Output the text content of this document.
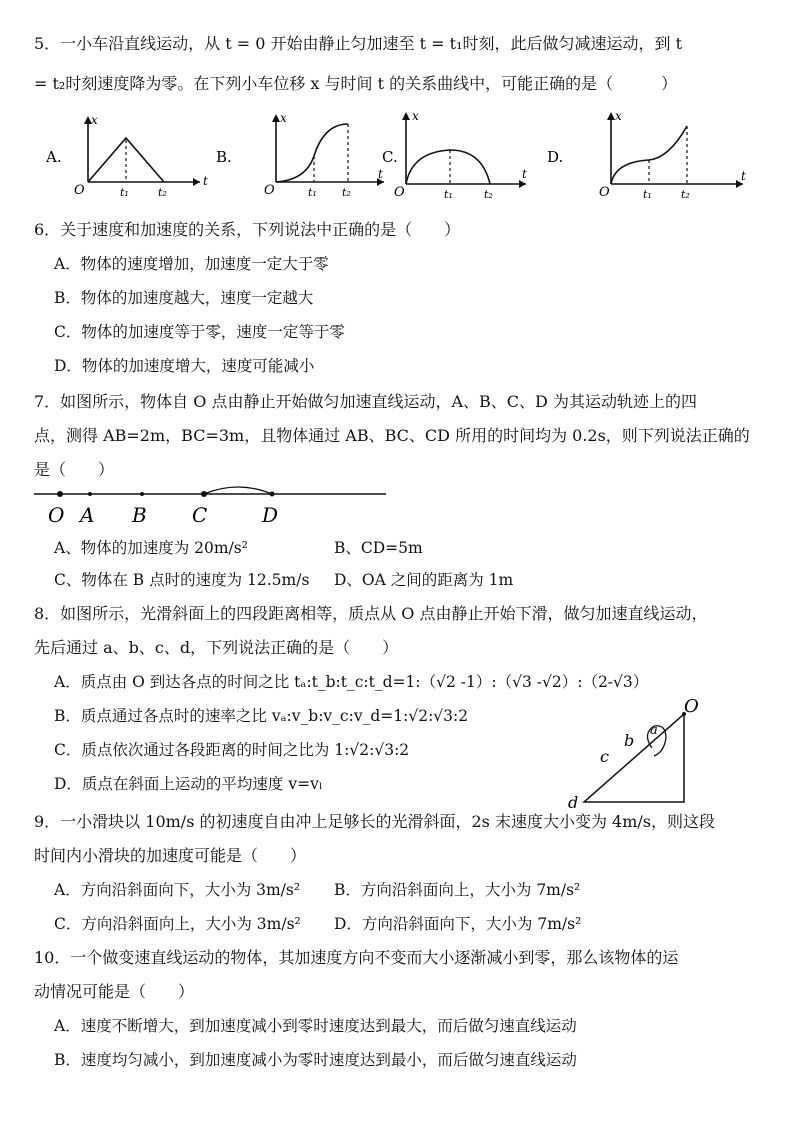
5．一小车沿直线运动，从 t = 0 开始由静止匀加速至 t = t₁时刻，此后做匀减速运动，到 t
= t₂时刻速度降为零。在下列小车位移 x 与时间 t 的关系曲线中，可能正确的是（　　　）
A.
x
t
O	t₁	t₂
B.
x
t
O	t₁ t₂
C.
x
t
O	t₁	t₂
D.
x
t
O	t₁	t₂
6．关于速度和加速度的关系，下列说法中正确的是（　　）
A．物体的速度增加，加速度一定大于零
B．物体的加速度越大，速度一定越大
C．物体的加速度等于零，速度一定等于零
D．物体的加速度增大，速度可能减小
7．如图所示，物体自 O 点由静止开始做匀加速直线运动，A、B、C、D 为其运动轨迹上的四
点，测得 AB=2m，BC=3m，且物体通过 AB、BC、CD 所用的时间均为 0.2s，则下列说法正确的
是（　　）
O A B C	D
A、物体的加速度为 20m/s²	B、CD=5m
C、物体在 B 点时的速度为 12.5m/s D、OA 之间的距离为 1m
8．如图所示，光滑斜面上的四段距离相等，质点从 O 点由静止开始下滑，做匀加速直线运动，
先后通过 a、b、c、d，下列说法正确的是（　　）
A．质点由 O 到达各点的时间之比 tₐ:t_b:t_c:t_d=1:（√2 -1）:（√3 -√2）:（2-√3）
B．质点通过各点时的速率之比 vₐ:v_b:v_c:v_d=1:√2:√3:2
C．质点依次通过各段距离的时间之比为 1:√2:√3:2
D．质点在斜面上运动的平均速度 v=vₗ
O
a
b
c
d
9．一小滑块以 10m/s 的初速度自由冲上足够长的光滑斜面，2s 末速度大小变为 4m/s，则这段
时间内小滑块的加速度可能是（　　）
A．方向沿斜面向下，大小为 3m/s² B．方向沿斜面向上，大小为 7m/s²
C．方向沿斜面向上，大小为 3m/s² D．方向沿斜面向下，大小为 7m/s²
10．一个做变速直线运动的物体，其加速度方向不变而大小逐渐减小到零，那么该物体的运
动情况可能是（　　）
A．速度不断增大，到加速度减小到零时速度达到最大，而后做匀速直线运动
B．速度均匀减小，到加速度减小为零时速度达到最小，而后做匀速直线运动
